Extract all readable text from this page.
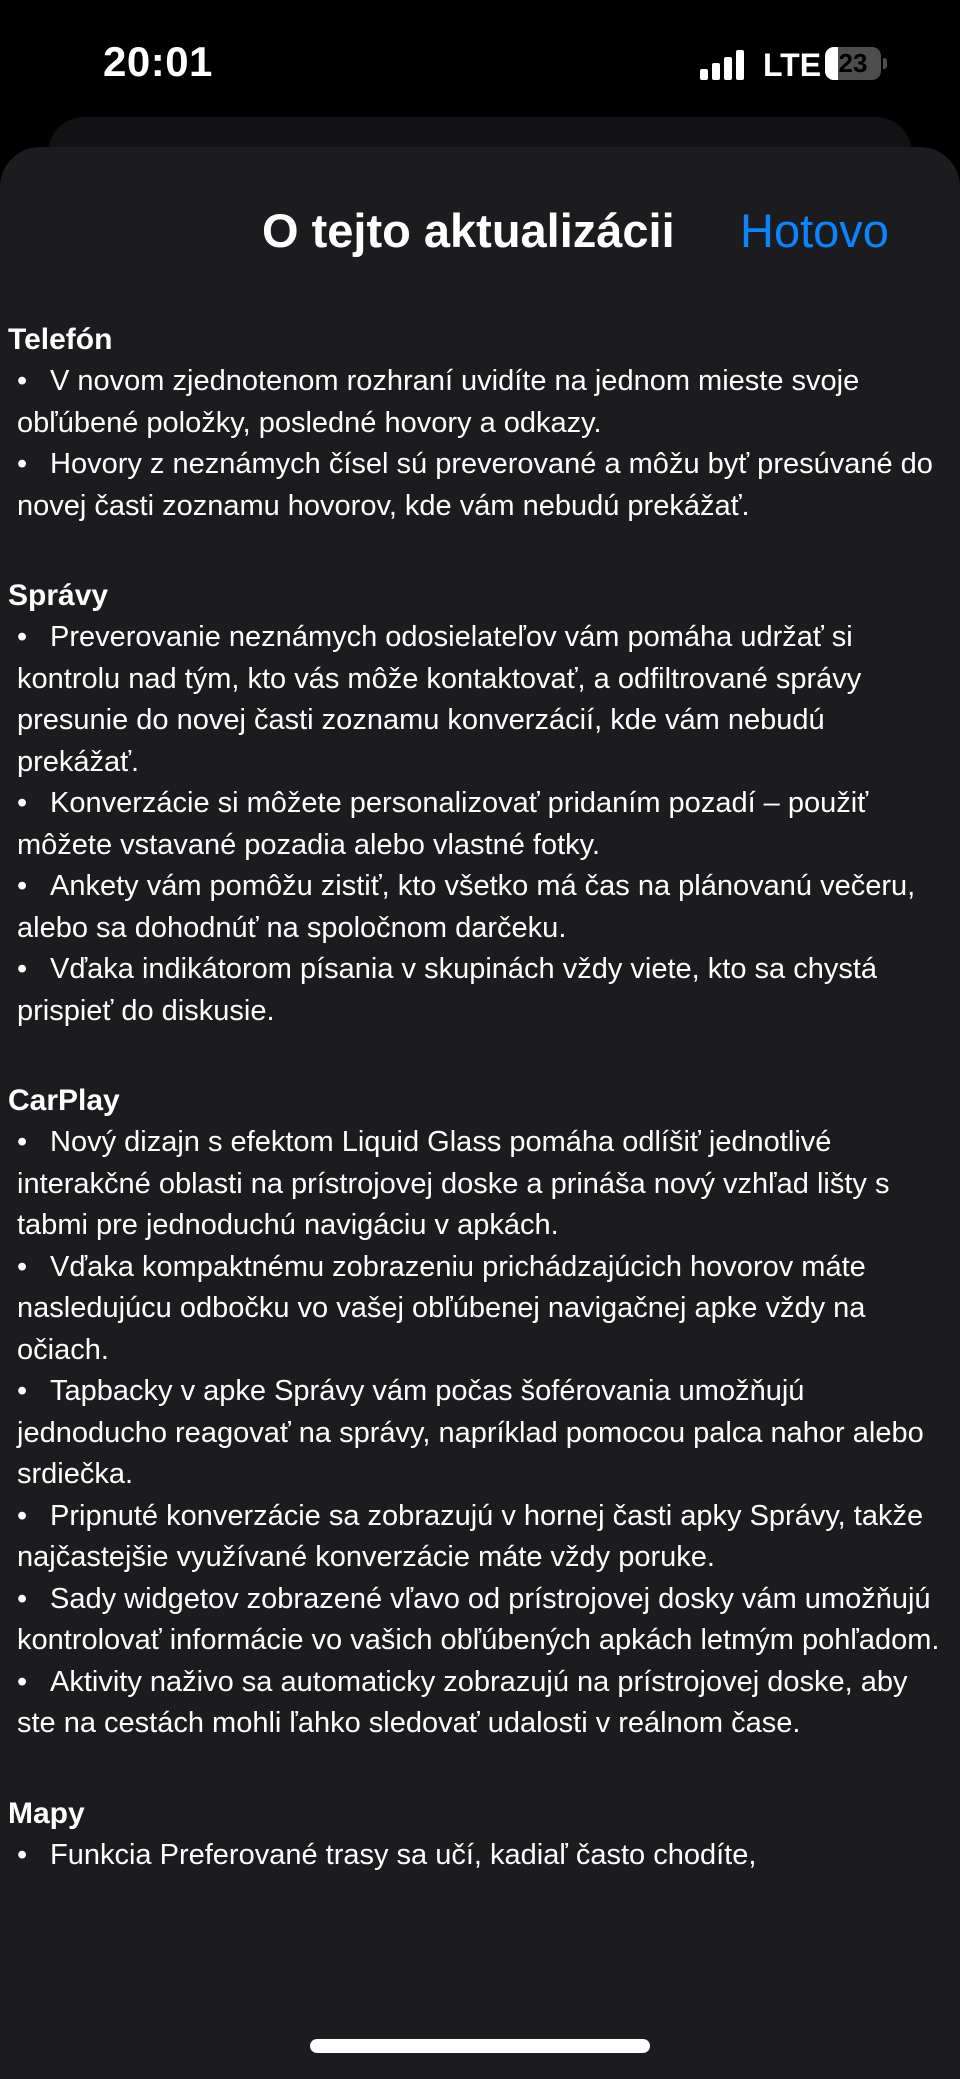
20:01	LTE 23
O tejto aktualizácii Hotovo
Telefón
• V novom zjednotenom rozhraní uvidíte na jednom mieste svoje obľúbené položky, posledné hovory a odkazy.
• Hovory z neznámych čísel sú preverované a môžu byť presúvané do novej časti zoznamu hovorov, kde vám nebudú prekážať.
Správy
• Preverovanie neznámych odosielateľov vám pomáha udržať si kontrolu nad tým, kto vás môže kontaktovať, a odfiltrované správy presunie do novej časti zoznamu konverzácií, kde vám nebudú prekážať.
• Konverzácie si môžete personalizovať pridaním pozadí – použiť môžete vstavané pozadia alebo vlastné fotky.
• Ankety vám pomôžu zistiť, kto všetko má čas na plánovanú večeru, alebo sa dohodnúť na spoločnom darčeku.
• Vďaka indikátorom písania v skupinách vždy viete, kto sa chystá prispieť do diskusie.
CarPlay
• Nový dizajn s efektom Liquid Glass pomáha odlíšiť jednotlivé interakčné oblasti na prístrojovej doske a prináša nový vzhľad lišty s tabmi pre jednoduchú navigáciu v apkách.
• Vďaka kompaktnému zobrazeniu prichádzajúcich hovorov máte nasledujúcu odbočku vo vašej obľúbenej navigačnej apke vždy na očiach.
• Tapbacky v apke Správy vám počas šoférovania umožňujú jednoducho reagovať na správy, napríklad pomocou palca nahor alebo srdiečka.
• Pripnuté konverzácie sa zobrazujú v hornej časti apky Správy, takže najčastejšie využívané konverzácie máte vždy poruke.
• Sady widgetov zobrazené vľavo od prístrojovej dosky vám umožňujú kontrolovať informácie vo vašich obľúbených apkách letmým pohľadom.
• Aktivity naživo sa automaticky zobrazujú na prístrojovej doske, aby ste na cestách mohli ľahko sledovať udalosti v reálnom čase.
Mapy
• Funkcia Preferované trasy sa učí, kadiaľ často chodíte,
